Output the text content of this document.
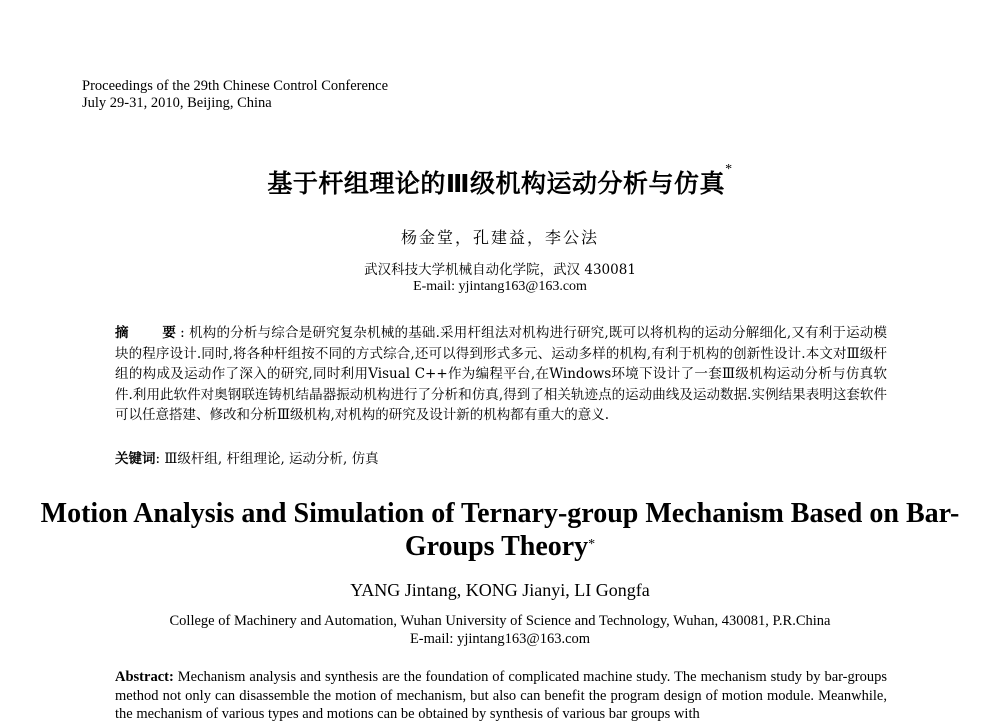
Proceedings of the 29th Chinese Control Conference
July 29-31, 2010, Beijing, China
基于杆组理论的Ⅲ级机构运动分析与仿真*
杨金堂，孔建益，李公法
武汉科技大学机械自动化学院，武汉 430081
E-mail: yjintang163@163.com
摘　要: 机构的分析与综合是研究复杂机械的基础.采用杆组法对机构进行研究,既可以将机构的运动分解细化,又有利于运动模块的程序设计.同时,将各种杆组按不同的方式综合,还可以得到形式多元、运动多样的机构,有利于机构的创新性设计.本文对Ⅲ级杆组的构成及运动作了深入的研究,同时利用Visual C++作为编程平台,在Windows环境下设计了一套Ⅲ级机构运动分析与仿真软件.利用此软件对奥钢联连铸机结晶器振动机构进行了分析和仿真,得到了相关轨迹点的运动曲线及运动数据.实例结果表明这套软件可以任意搭建、修改和分析Ⅲ级机构,对机构的研究及设计新的机构都有重大的意义.
关键词: Ⅲ级杆组, 杆组理论, 运动分析, 仿真
Motion Analysis and Simulation of Ternary-group Mechanism Based on Bar-Groups Theory*
YANG Jintang, KONG Jianyi, LI Gongfa
College of Machinery and Automation, Wuhan University of Science and Technology, Wuhan, 430081, P.R.China
E-mail: yjintang163@163.com
Abstract: Mechanism analysis and synthesis are the foundation of complicated machine study. The mechanism study by bar-groups method not only can disassemble the motion of mechanism, but also can benefit the program design of motion module. Meanwhile, the mechanism of various types and motions can be obtained by synthesis of various bar groups with
